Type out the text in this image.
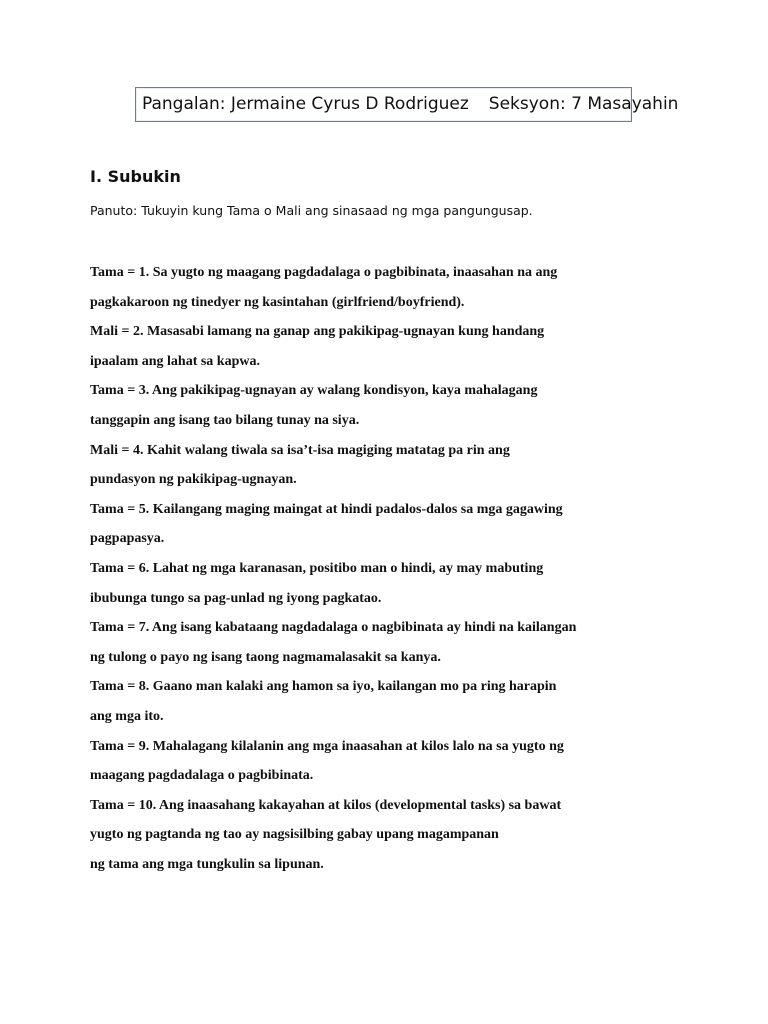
Pangalan: Jermaine Cyrus D Rodriguez Seksyon: 7 Masayahin
I. Subukin

Panuto: Tukuyin kung Tama o Mali ang sinasaad ng mga pangungusap.

Tama = 1. Sa yugto ng maagang pagdadalaga o pagbibinata, inaasahan na ang
pagkakaroon ng tinedyer ng kasintahan (girlfriend/boyfriend).
Mali = 2. Masasabi lamang na ganap ang pakikipag-ugnayan kung handang
ipaalam ang lahat sa kapwa.
Tama = 3. Ang pakikipag-ugnayan ay walang kondisyon, kaya mahalagang
tanggapin ang isang tao bilang tunay na siya.
Mali = 4. Kahit walang tiwala sa isa’t-isa magiging matatag pa rin ang
pundasyon ng pakikipag-ugnayan.
Tama = 5. Kailangang maging maingat at hindi padalos-dalos sa mga gagawing
pagpapasya.
Tama = 6. Lahat ng mga karanasan, positibo man o hindi, ay may mabuting
ibubunga tungo sa pag-unlad ng iyong pagkatao.
Tama = 7. Ang isang kabataang nagdadalaga o nagbibinata ay hindi na kailangan
ng tulong o payo ng isang taong nagmamalasakit sa kanya.
Tama = 8. Gaano man kalaki ang hamon sa iyo, kailangan mo pa ring harapin
ang mga ito.
Tama = 9. Mahalagang kilalanin ang mga inaasahan at kilos lalo na sa yugto ng
maagang pagdadalaga o pagbibinata.
Tama = 10. Ang inaasahang kakayahan at kilos (developmental tasks) sa bawat
yugto ng pagtanda ng tao ay nagsisilbing gabay upang magampanan
ng tama ang mga tungkulin sa lipunan.
